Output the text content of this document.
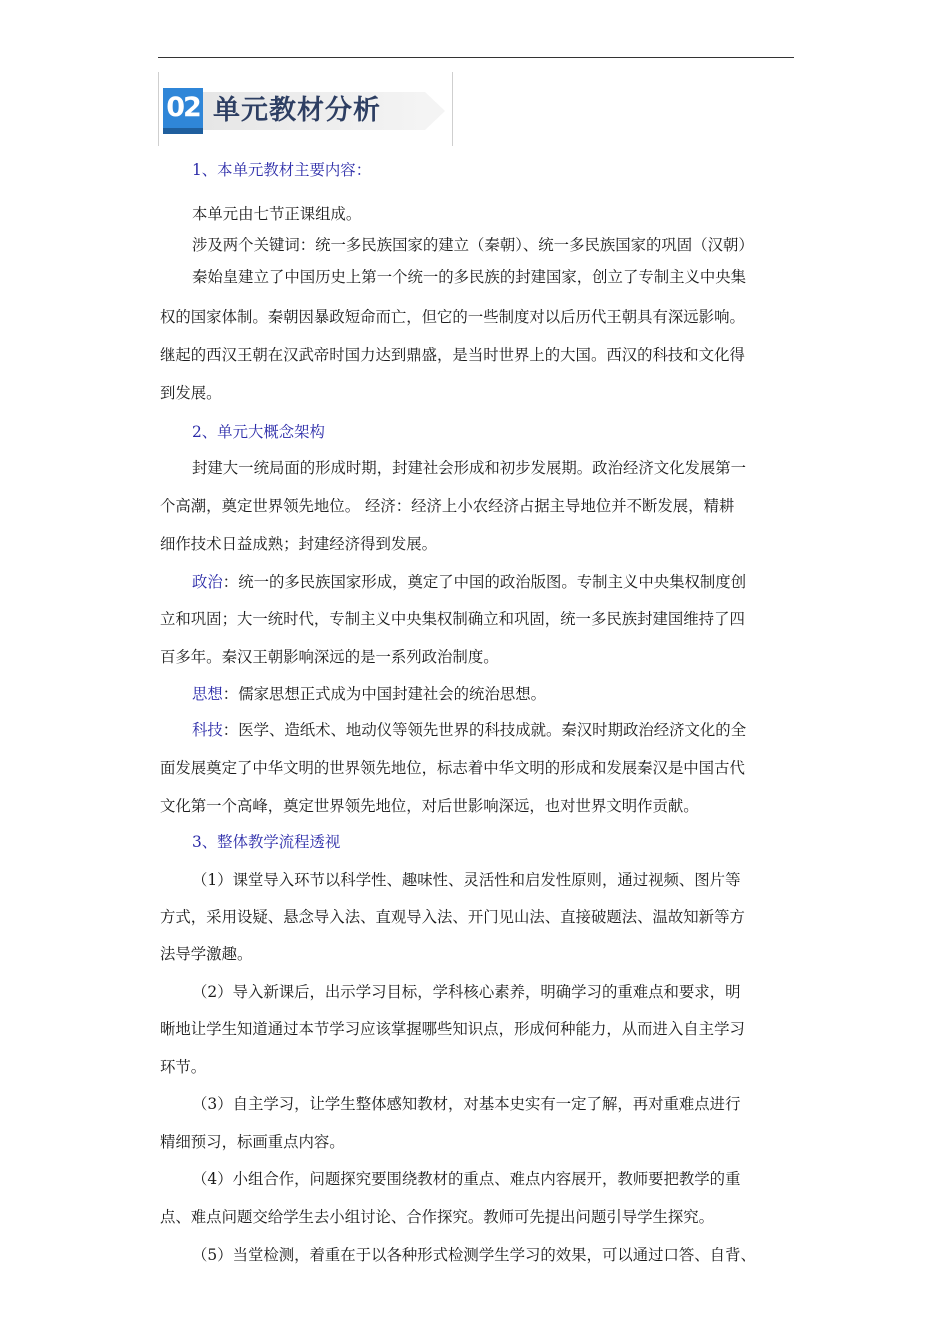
02 单元教材分析
1、本单元教材主要内容：
本单元由七节正课组成。
涉及两个关键词：统一多民族国家的建立（秦朝）、统一多民族国家的巩固（汉朝）
秦始皇建立了中国历史上第一个统一的多民族的封建国家，创立了专制主义中央集
权的国家体制。秦朝因暴政短命而亡，但它的一些制度对以后历代王朝具有深远影响。
继起的西汉王朝在汉武帝时国力达到鼎盛，是当时世界上的大国。西汉的科技和文化得
到发展。
2、单元大概念架构
封建大一统局面的形成时期，封建社会形成和初步发展期。政治经济文化发展第一
个高潮，奠定世界领先地位。 经济：经济上小农经济占据主导地位并不断发展，精耕
细作技术日益成熟；封建经济得到发展。
政治：统一的多民族国家形成，奠定了中国的政治版图。专制主义中央集权制度创
立和巩固；大一统时代，专制主义中央集权制确立和巩固，统一多民族封建国维持了四
百多年。秦汉王朝影响深远的是一系列政治制度。
思想：儒家思想正式成为中国封建社会的统治思想。
科技：医学、造纸术、地动仪等领先世界的科技成就。秦汉时期政治经济文化的全
面发展奠定了中华文明的世界领先地位，标志着中华文明的形成和发展秦汉是中国古代
文化第一个高峰，奠定世界领先地位，对后世影响深远，也对世界文明作贡献。
3、整体教学流程透视
（1）课堂导入环节以科学性、趣味性、灵活性和启发性原则，通过视频、图片等
方式，采用设疑、悬念导入法、直观导入法、开门见山法、直接破题法、温故知新等方
法导学激趣。
（2）导入新课后，出示学习目标，学科核心素养，明确学习的重难点和要求，明
晰地让学生知道通过本节学习应该掌握哪些知识点，形成何种能力，从而进入自主学习
环节。
（3）自主学习，让学生整体感知教材，对基本史实有一定了解，再对重难点进行
精细预习，标画重点内容。
（4）小组合作，问题探究要围绕教材的重点、难点内容展开，教师要把教学的重
点、难点问题交给学生去小组讨论、合作探究。教师可先提出问题引导学生探究。
（5）当堂检测，着重在于以各种形式检测学生学习的效果，可以通过口答、自背、
